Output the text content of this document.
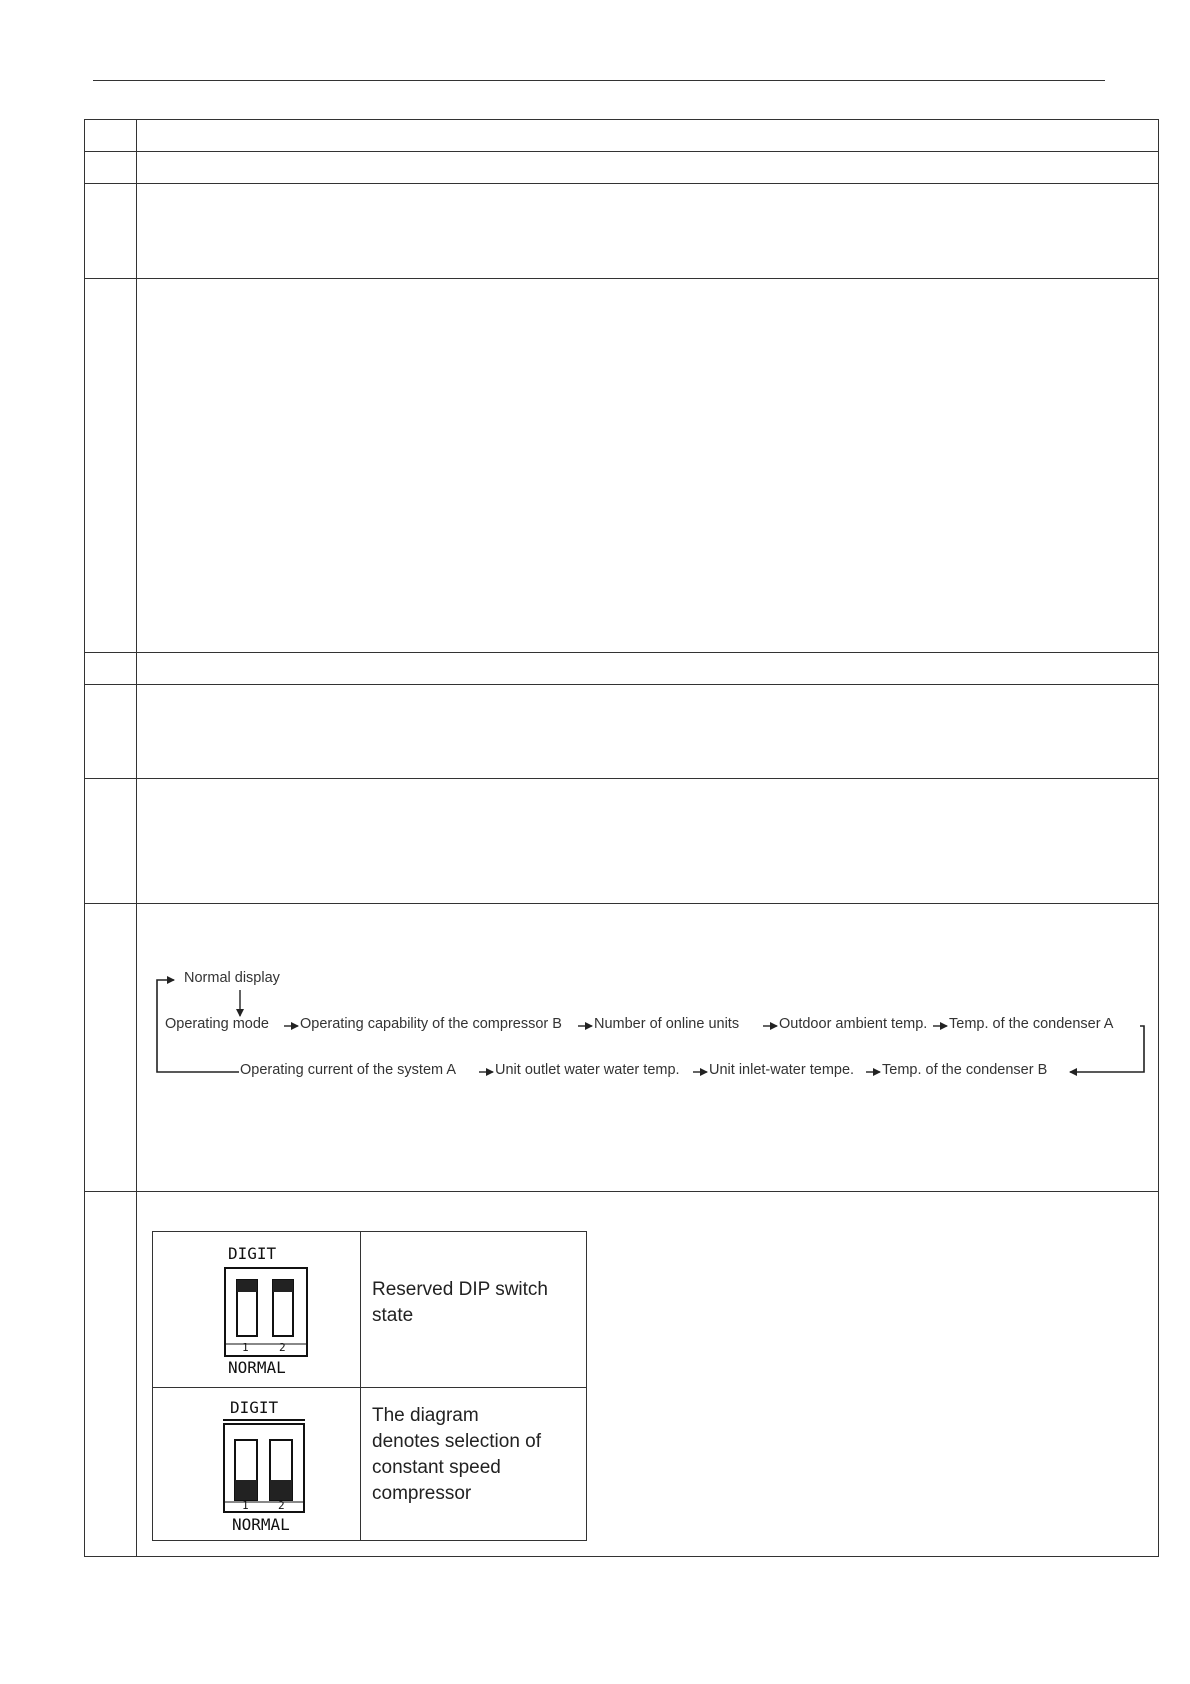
Normal display
Operating mode Operating capability of the compressor B Number of online units	Outdoor ambient temp. Temp. of the condenser A
Operating current of the system A	Unit outlet water water temp. Unit inlet-water tempe. Temp. of the condenser B
DIGIT
1	2
NORMAL
Reserved DIP switch state
DIGIT
1	2
NORMAL
The diagram denotes selection of constant speed compressor
